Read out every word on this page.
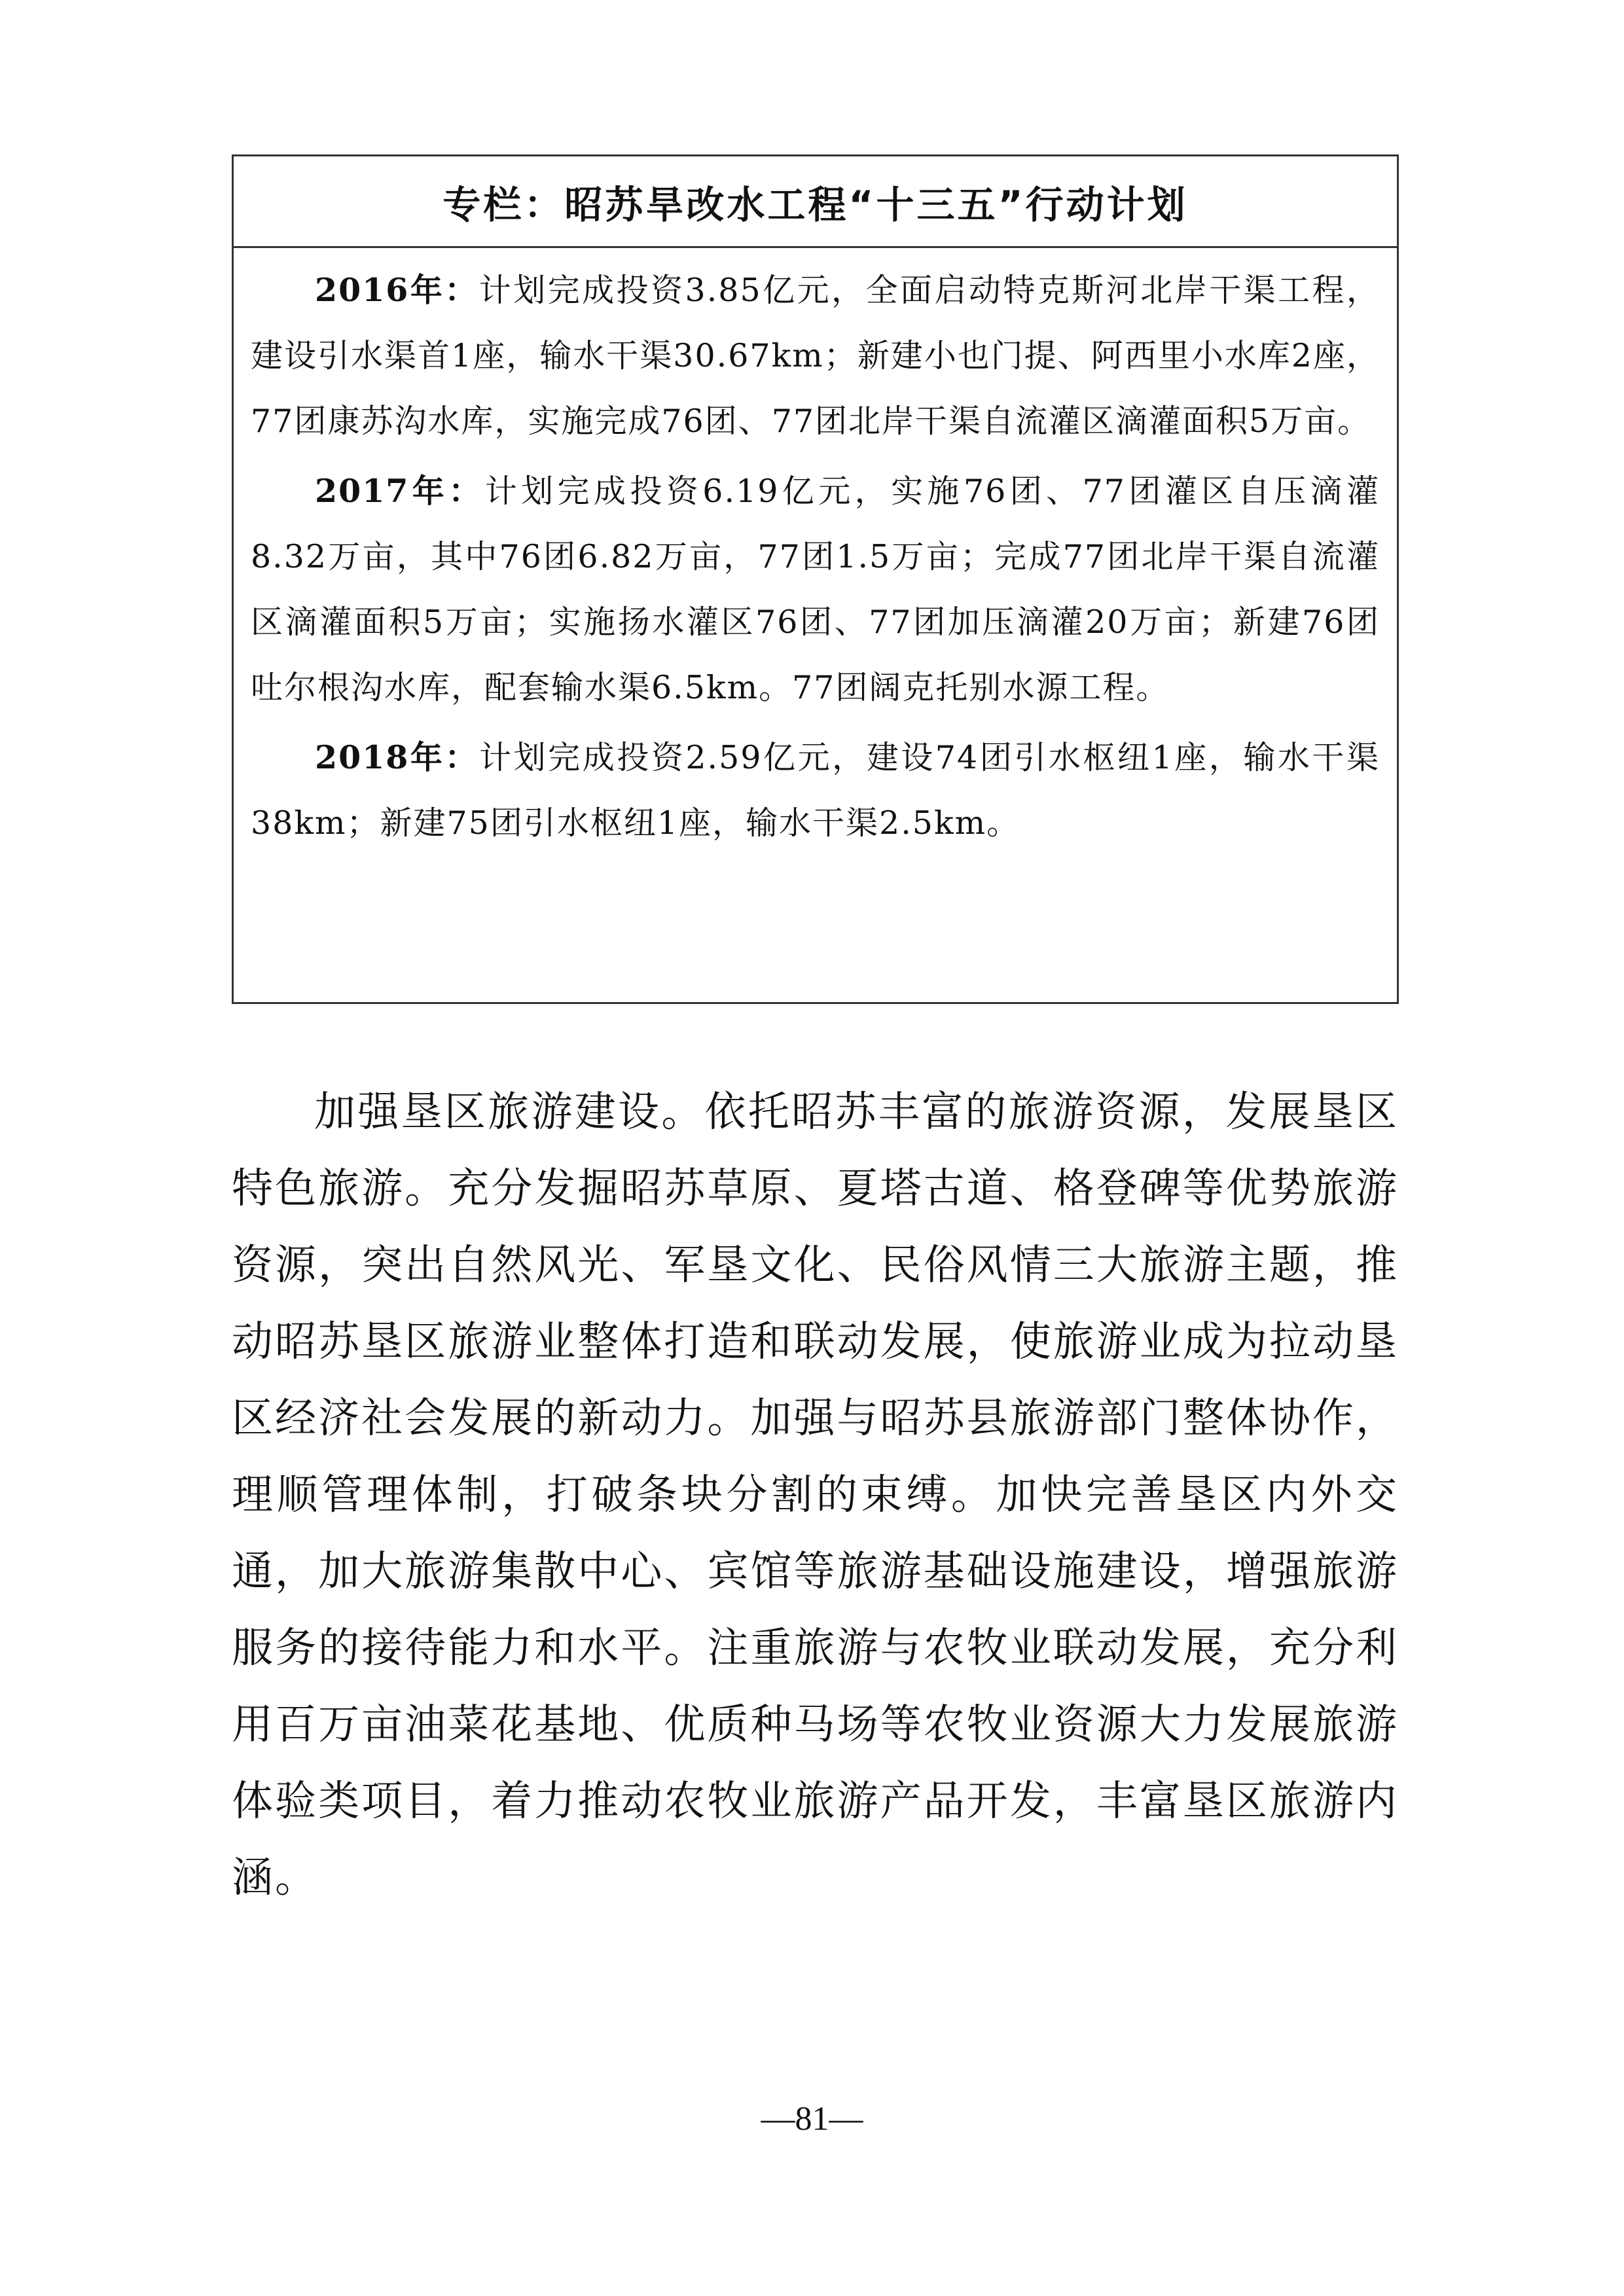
专栏：昭苏旱改水工程“十三五”行动计划

2016年：计划完成投资3.85亿元，全面启动特克斯河北岸干渠工程，建设引水渠首1座，输水干渠30.67km；新建小也门提、阿西里小水库2座，77团康苏沟水库，实施完成76团、77团北岸干渠自流灌区滴灌面积5万亩。

2017年：计划完成投资6.19亿元，实施76团、77团灌区自压滴灌8.32万亩，其中76团6.82万亩，77团1.5万亩；完成77团北岸干渠自流灌区滴灌面积5万亩；实施扬水灌区76团、77团加压滴灌20万亩；新建76团吐尔根沟水库，配套输水渠6.5km。77团阔克托别水源工程。

2018年：计划完成投资2.59亿元，建设74团引水枢纽1座，输水干渠38km；新建75团引水枢纽1座，输水干渠2.5km。

加强垦区旅游建设。依托昭苏丰富的旅游资源，发展垦区特色旅游。充分发掘昭苏草原、夏塔古道、格登碑等优势旅游资源，突出自然风光、军垦文化、民俗风情三大旅游主题，推动昭苏垦区旅游业整体打造和联动发展，使旅游业成为拉动垦区经济社会发展的新动力。加强与昭苏县旅游部门整体协作，理顺管理体制，打破条块分割的束缚。加快完善垦区内外交通，加大旅游集散中心、宾馆等旅游基础设施建设，增强旅游服务的接待能力和水平。注重旅游与农牧业联动发展，充分利用百万亩油菜花基地、优质种马场等农牧业资源大力发展旅游体验类项目，着力推动农牧业旅游产品开发，丰富垦区旅游内涵。

—81—
